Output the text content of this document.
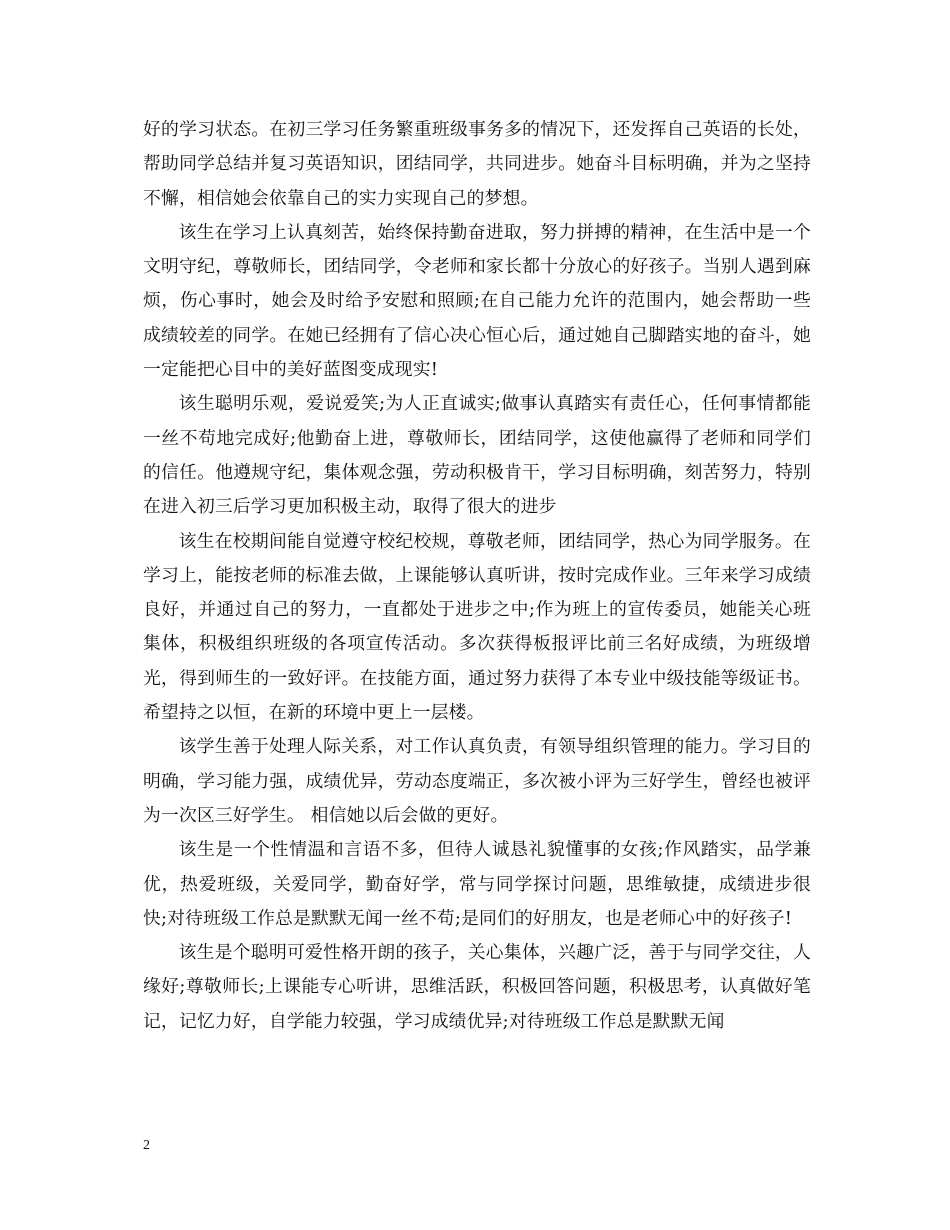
好的学习状态。在初三学习任务繁重班级事务多的情况下，还发挥自己英语的长处，帮助同学总结并复习英语知识，团结同学，共同进步。她奋斗目标明确，并为之坚持不懈，相信她会依靠自己的实力实现自己的梦想。

该生在学习上认真刻苦，始终保持勤奋进取，努力拼搏的精神，在生活中是一个文明守纪，尊敬师长，团结同学，令老师和家长都十分放心的好孩子。当别人遇到麻烦，伤心事时，她会及时给予安慰和照顾;在自己能力允许的范围内，她会帮助一些成绩较差的同学。在她已经拥有了信心决心恒心后，通过她自己脚踏实地的奋斗，她一定能把心目中的美好蓝图变成现实!

该生聪明乐观，爱说爱笑;为人正直诚实;做事认真踏实有责任心，任何事情都能一丝不苟地完成好;他勤奋上进，尊敬师长，团结同学，这使他赢得了老师和同学们的信任。他遵规守纪，集体观念强，劳动积极肯干，学习目标明确，刻苦努力，特别在进入初三后学习更加积极主动，取得了很大的进步

该生在校期间能自觉遵守校纪校规，尊敬老师，团结同学，热心为同学服务。在学习上，能按老师的标准去做，上课能够认真听讲，按时完成作业。三年来学习成绩良好，并通过自己的努力，一直都处于进步之中;作为班上的宣传委员，她能关心班集体，积极组织班级的各项宣传活动。多次获得板报评比前三名好成绩，为班级增光，得到师生的一致好评。在技能方面，通过努力获得了本专业中级技能等级证书。希望持之以恒，在新的环境中更上一层楼。

该学生善于处理人际关系，对工作认真负责，有领导组织管理的能力。学习目的明确，学习能力强，成绩优异，劳动态度端正，多次被小评为三好学生，曾经也被评为一次区三好学生。 相信她以后会做的更好。

该生是一个性情温和言语不多，但待人诚恳礼貌懂事的女孩;作风踏实，品学兼优，热爱班级，关爱同学，勤奋好学，常与同学探讨问题，思维敏捷，成绩进步很快;对待班级工作总是默默无闻一丝不苟;是同们的好朋友，也是老师心中的好孩子!

该生是个聪明可爱性格开朗的孩子，关心集体，兴趣广泛，善于与同学交往，人缘好;尊敬师长;上课能专心听讲，思维活跃，积极回答问题，积极思考，认真做好笔记，记忆力好，自学能力较强，学习成绩优异;对待班级工作总是默默无闻

2
